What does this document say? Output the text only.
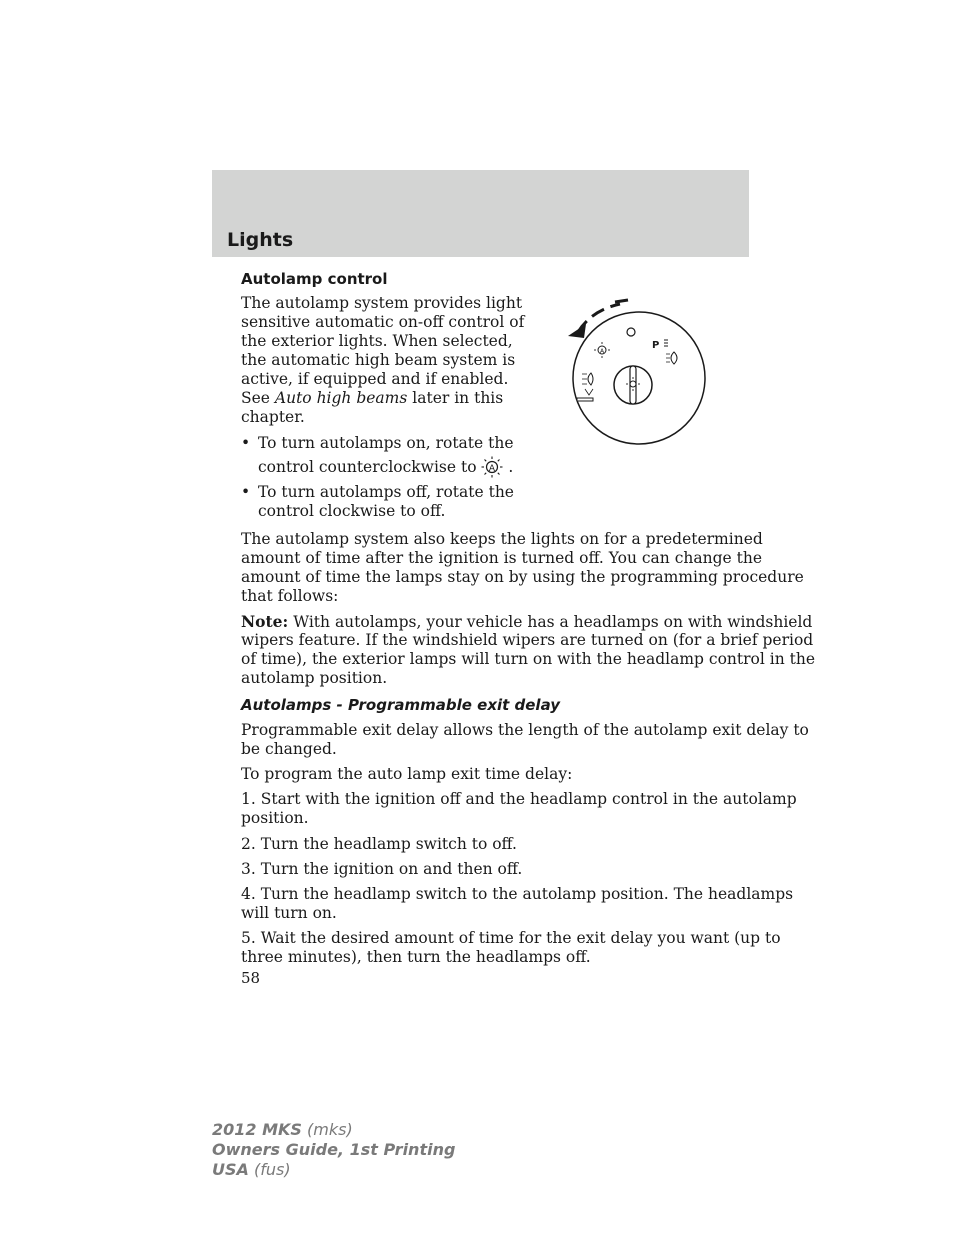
Lights

Autolamp control

The autolamp system provides light

sensitive automatic on-off control of

the exterior lights. When selected,

the automatic high beam system is

active, if equipped and if enabled.

See Auto high beams later in this

chapter.

• To turn autolamps on, rotate the
control counterclockwise to A .
• To turn autolamps off, rotate the
control clockwise to off.
A
P

The autolamp system also keeps the lights on for a predetermined

amount of time after the ignition is turned off. You can change the

amount of time the lamps stay on by using the programming procedure

that follows:

Note: With autolamps, your vehicle has a headlamps on with windshield

wipers feature. If the windshield wipers are turned on (for a brief period

of time), the exterior lamps will turn on with the headlamp control in the

autolamp position.

Autolamps - Programmable exit delay

Programmable exit delay allows the length of the autolamp exit delay to

be changed.

To program the auto lamp exit time delay:

1. Start with the ignition off and the headlamp control in the autolamp

position.

2. Turn the headlamp switch to off.

3. Turn the ignition on and then off.

4. Turn the headlamp switch to the autolamp position. The headlamps

will turn on.

5. Wait the desired amount of time for the exit delay you want (up to

three minutes), then turn the headlamps off.

58

2012 MKS (mks)

Owners Guide, 1st Printing

USA (fus)
